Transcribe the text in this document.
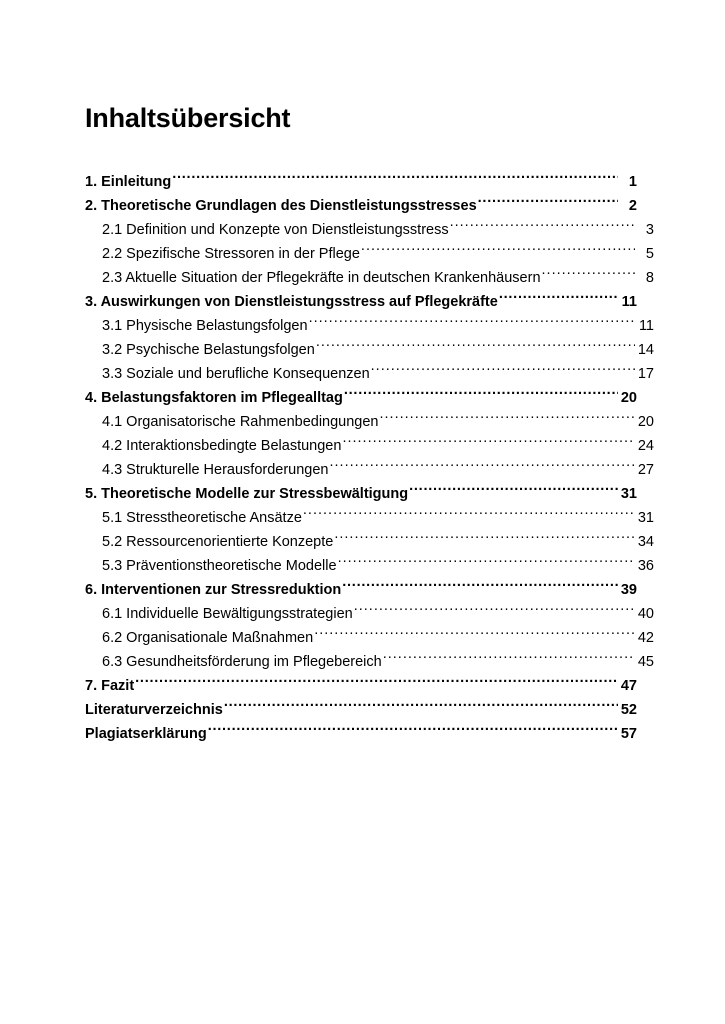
Inhaltsübersicht
1. Einleitung .....	1
2. Theoretische Grundlagen des Dienstleistungsstresses .....	2
2.1 Definition und Konzepte von Dienstleistungsstress .....	3
2.2 Spezifische Stressoren in der Pflege .....	5
2.3 Aktuelle Situation der Pflegekräfte in deutschen Krankenhäusern .....	8
3. Auswirkungen von Dienstleistungsstress auf Pflegekräfte .....	11
3.1 Physische Belastungsfolgen .....	11
3.2 Psychische Belastungsfolgen .....	14
3.3 Soziale und berufliche Konsequenzen .....	17
4. Belastungsfaktoren im Pflegealltag .....	20
4.1 Organisatorische Rahmenbedingungen .....	20
4.2 Interaktionsbedingte Belastungen .....	24
4.3 Strukturelle Herausforderungen .....	27
5. Theoretische Modelle zur Stressbewältigung .....	31
5.1 Stresstheoretische Ansätze .....	31
5.2 Ressourcenorientierte Konzepte .....	34
5.3 Präventionstheoretische Modelle .....	36
6. Interventionen zur Stressreduktion .....	39
6.1 Individuelle Bewältigungsstrategien .....	40
6.2 Organisationale Maßnahmen .....	42
6.3 Gesundheitsförderung im Pflegebereich .....	45
7. Fazit .....	47
Literaturverzeichnis .....	52
Plagiatserklärung .....	57
